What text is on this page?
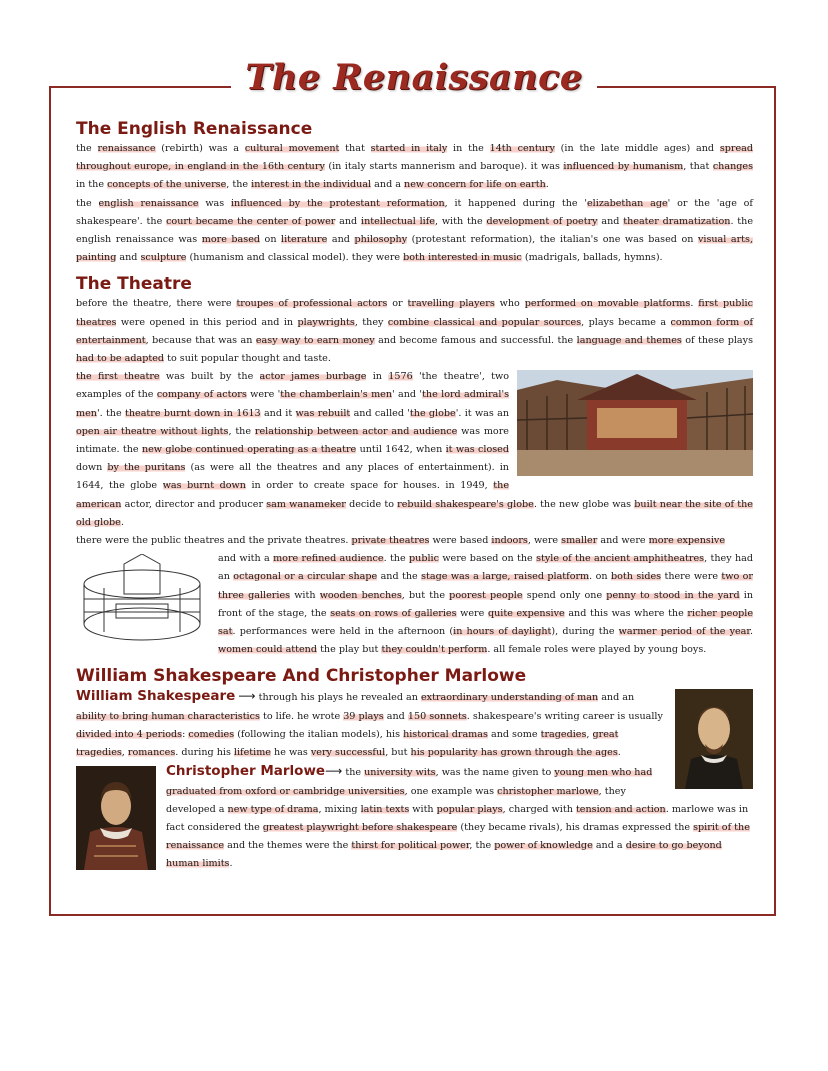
The Renaissance
The English Renaissance

the renaissance (rebirth) was a cultural movement that started in italy in the 14th century (in the late middle ages) and spread throughout europe, in england in the 16th century (in italy starts mannerism and baroque). it was influenced by humanism, that changes in the concepts of the universe, the interest in the individual and a new concern for life on earth.

the english renaissance was influenced by the protestant reformation, it happened during the 'elizabethan age' or the 'age of shakespeare'. the court became the center of power and intellectual life, with the development of poetry and theater dramatization. the english renaissance was more based on literature and philosophy (protestant reformation), the italian's one was based on visual arts, painting and sculpture (humanism and classical model). they were both interested in music (madrigals, ballads, hymns).

The Theatre

before the theatre, there were troupes of professional actors or travelling players who performed on movable platforms. first public theatres were opened in this period and in playwrights, they combine classical and popular sources, plays became a common form of entertainment, because that was an easy way to earn money and become famous and successful. the language and themes of these plays had to be adapted to suit popular thought and taste.

the first theatre was built by the actor james burbage in 1576 'the theatre', two examples of the company of actors were 'the chamberlain's men' and 'the lord admiral's men'. the theatre burnt down in 1613 and it was rebuilt and called 'the globe'. it was an open air theatre without lights, the relationship between actor and audience was more intimate. the new globe continued operating as a theatre until 1642, when it was closed down by the puritans (as were all the theatres and any places of entertainment). in 1644, the globe was burnt down in order to create space for houses. in 1949, the american actor, director and producer sam wanameker decide to rebuild shakespeare's globe. the new globe was built near the site of the old globe.

there were the public theatres and the private theatres. private theatres were based indoors, were smaller and were more expensive

and with a more refined audience. the public were based on the style of the ancient amphitheatres, they had an octagonal or a circular shape and the stage was a large, raised platform. on both sides there were two or three galleries with wooden benches, but the poorest people spend only one penny to stood in the yard in front of the stage, the seats on rows of galleries were quite expensive and this was where the richer people sat. performances were held in the afternoon (in hours of daylight), during the warmer period of the year. women could attend the play but they couldn't perform. all female roles were played by young boys.

William Shakespeare And Christopher Marlowe

William Shakespeare ⟶ through his plays he revealed an extraordinary understanding of man and an ability to bring human characteristics to life. he wrote 39 plays and 150 sonnets. shakespeare's writing career is usually divided into 4 periods: comedies (following the italian models), his historical dramas and some tragedies, great tragedies, romances. during his lifetime he was very successful, but his popularity has grown through the ages.

Christopher Marlowe⟶ the university wits, was the name given to young men who had graduated from oxford or cambridge universities, one example was christopher marlowe, they developed a new type of drama, mixing latin texts with popular plays, charged with tension and action. marlowe was in fact considered the greatest playwright before shakespeare (they became rivals), his dramas expressed the spirit of the renaissance and the themes were the thirst for political power, the power of knowledge and a desire to go beyond human limits.
